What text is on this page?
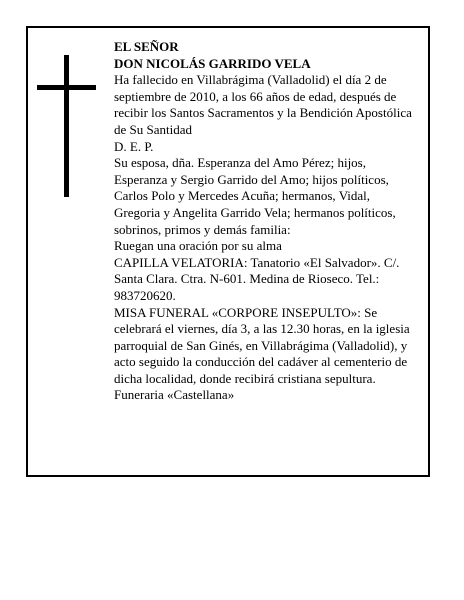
EL SEÑOR
DON NICOLÁS GARRIDO VELA
Ha fallecido en Villabrágima (Valladolid) el día 2 de septiembre de 2010, a los 66 años de edad, después de recibir los Santos Sacramentos y la Bendición Apostólica de Su Santidad
D. E. P.
Su esposa, dña. Esperanza del Amo Pérez; hijos, Esperanza y Sergio Garrido del Amo; hijos políticos, Carlos Polo y Mercedes Acuña; hermanos, Vidal, Gregoria y Angelita Garrido Vela; hermanos políticos, sobrinos, primos y demás familia:
Ruegan una oración por su alma
CAPILLA VELATORIA: Tanatorio «El Salvador». C/. Santa Clara. Ctra. N-601. Medina de Rioseco. Tel.: 983720620.
MISA FUNERAL «CORPORE INSEPULTO»: Se celebrará el viernes, día 3, a las 12.30 horas, en la iglesia parroquial de San Ginés, en Villabrágima (Valladolid), y acto seguido la conducción del cadáver al cementerio de dicha localidad, donde recibirá cristiana sepultura.
Funeraria «Castellana»
